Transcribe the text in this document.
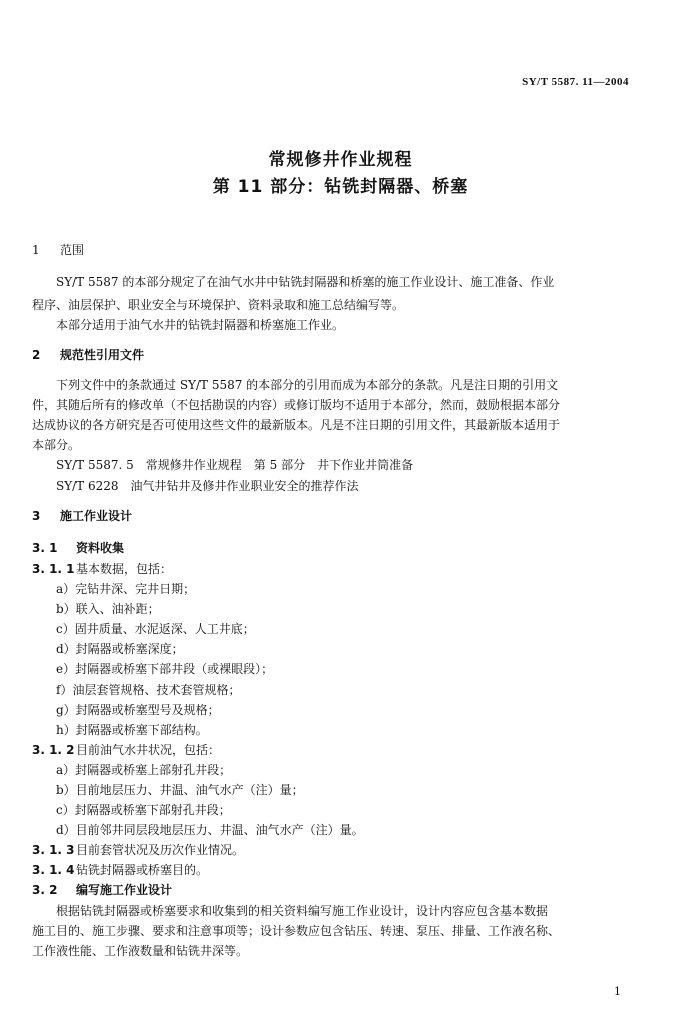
SY/T 5587. 11—2004
常规修井作业规程
第 11 部分：钻铣封隔器、桥塞
1 范围
SY/T 5587 的本部分规定了在油气水井中钻铣封隔器和桥塞的施工作业设计、施工准备、作业
程序、油层保护、职业安全与环境保护、资料录取和施工总结编写等。
本部分适用于油气水井的钻铣封隔器和桥塞施工作业。
2 规范性引用文件
下列文件中的条款通过 SY/T 5587 的本部分的引用而成为本部分的条款。凡是注日期的引用文
件，其随后所有的修改单（不包括勘误的内容）或修订版均不适用于本部分，然而，鼓励根据本部分
达成协议的各方研究是否可使用这些文件的最新版本。凡是不注日期的引用文件，其最新版本适用于
本部分。
SY/T 5587. 5　常规修井作业规程　第 5 部分　井下作业井筒准备
SY/T 6228　油气井钻井及修井作业职业安全的推荐作法
3 施工作业设计
3. 1 资料收集
3. 1. 1基本数据，包括：
a）完钻井深、完井日期；
b）联入、油补距；
c）固井质量、水泥返深、人工井底；
d）封隔器或桥塞深度；
e）封隔器或桥塞下部井段（或裸眼段）；
f）油层套管规格、技术套管规格；
g）封隔器或桥塞型号及规格；
h）封隔器或桥塞下部结构。
3. 1. 2目前油气水井状况，包括：
a）封隔器或桥塞上部射孔井段；
b）目前地层压力、井温、油气水产（注）量；
c）封隔器或桥塞下部射孔井段；
d）目前邻井同层段地层压力、井温、油气水产（注）量。
3. 1. 3目前套管状况及历次作业情况。
3. 1. 4钻铣封隔器或桥塞目的。
3. 2 编写施工作业设计
根据钻铣封隔器或桥塞要求和收集到的相关资料编写施工作业设计，设计内容应包含基本数据
施工目的、施工步骤、要求和注意事项等；设计参数应包含钻压、转速、泵压、排量、工作液名称、
工作液性能、工作液数量和钻铣井深等。
1
